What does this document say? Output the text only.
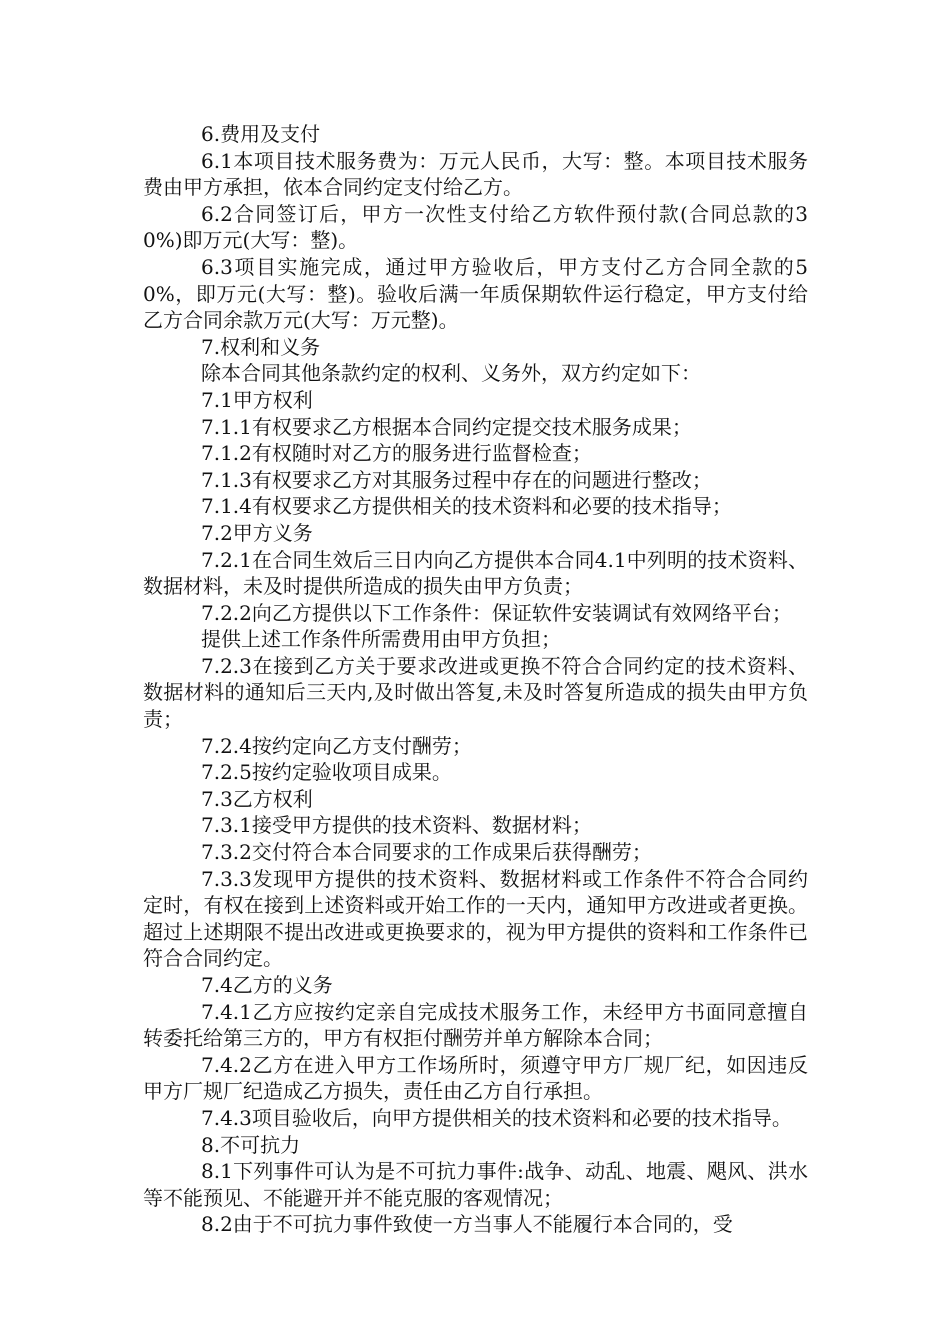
6.费用及支付

6.1本项目技术服务费为：万元人民币，大写：整。本项目技术服务费由甲方承担，依本合同约定支付给乙方。

6.2合同签订后，甲方一次性支付给乙方软件预付款(合同总款的30%)即万元(大写：整)。

6.3项目实施完成，通过甲方验收后，甲方支付乙方合同全款的50%，即万元(大写：整)。验收后满一年质保期软件运行稳定，甲方支付给乙方合同余款万元(大写：万元整)。

7.权利和义务

除本合同其他条款约定的权利、义务外，双方约定如下：

7.1甲方权利

7.1.1有权要求乙方根据本合同约定提交技术服务成果；

7.1.2有权随时对乙方的服务进行监督检查；

7.1.3有权要求乙方对其服务过程中存在的问题进行整改；

7.1.4有权要求乙方提供相关的技术资料和必要的技术指导；

7.2甲方义务

7.2.1在合同生效后三日内向乙方提供本合同4.1中列明的技术资料、数据材料，未及时提供所造成的损失由甲方负责；

7.2.2向乙方提供以下工作条件：保证软件安装调试有效网络平台；

提供上述工作条件所需费用由甲方负担；

7.2.3在接到乙方关于要求改进或更换不符合合同约定的技术资料、数据材料的通知后三天内,及时做出答复,未及时答复所造成的损失由甲方负责；

7.2.4按约定向乙方支付酬劳；

7.2.5按约定验收项目成果。

7.3乙方权利

7.3.1接受甲方提供的技术资料、数据材料；

7.3.2交付符合本合同要求的工作成果后获得酬劳；

7.3.3发现甲方提供的技术资料、数据材料或工作条件不符合合同约定时，有权在接到上述资料或开始工作的一天内，通知甲方改进或者更换。超过上述期限不提出改进或更换要求的，视为甲方提供的资料和工作条件已符合合同约定。

7.4乙方的义务

7.4.1乙方应按约定亲自完成技术服务工作，未经甲方书面同意擅自转委托给第三方的，甲方有权拒付酬劳并单方解除本合同；

7.4.2乙方在进入甲方工作场所时，须遵守甲方厂规厂纪，如因违反甲方厂规厂纪造成乙方损失，责任由乙方自行承担。

7.4.3项目验收后，向甲方提供相关的技术资料和必要的技术指导。

8.不可抗力

8.1下列事件可认为是不可抗力事件:战争、动乱、地震、飓风、洪水等不能预见、不能避开并不能克服的客观情况；

8.2由于不可抗力事件致使一方当事人不能履行本合同的，受
